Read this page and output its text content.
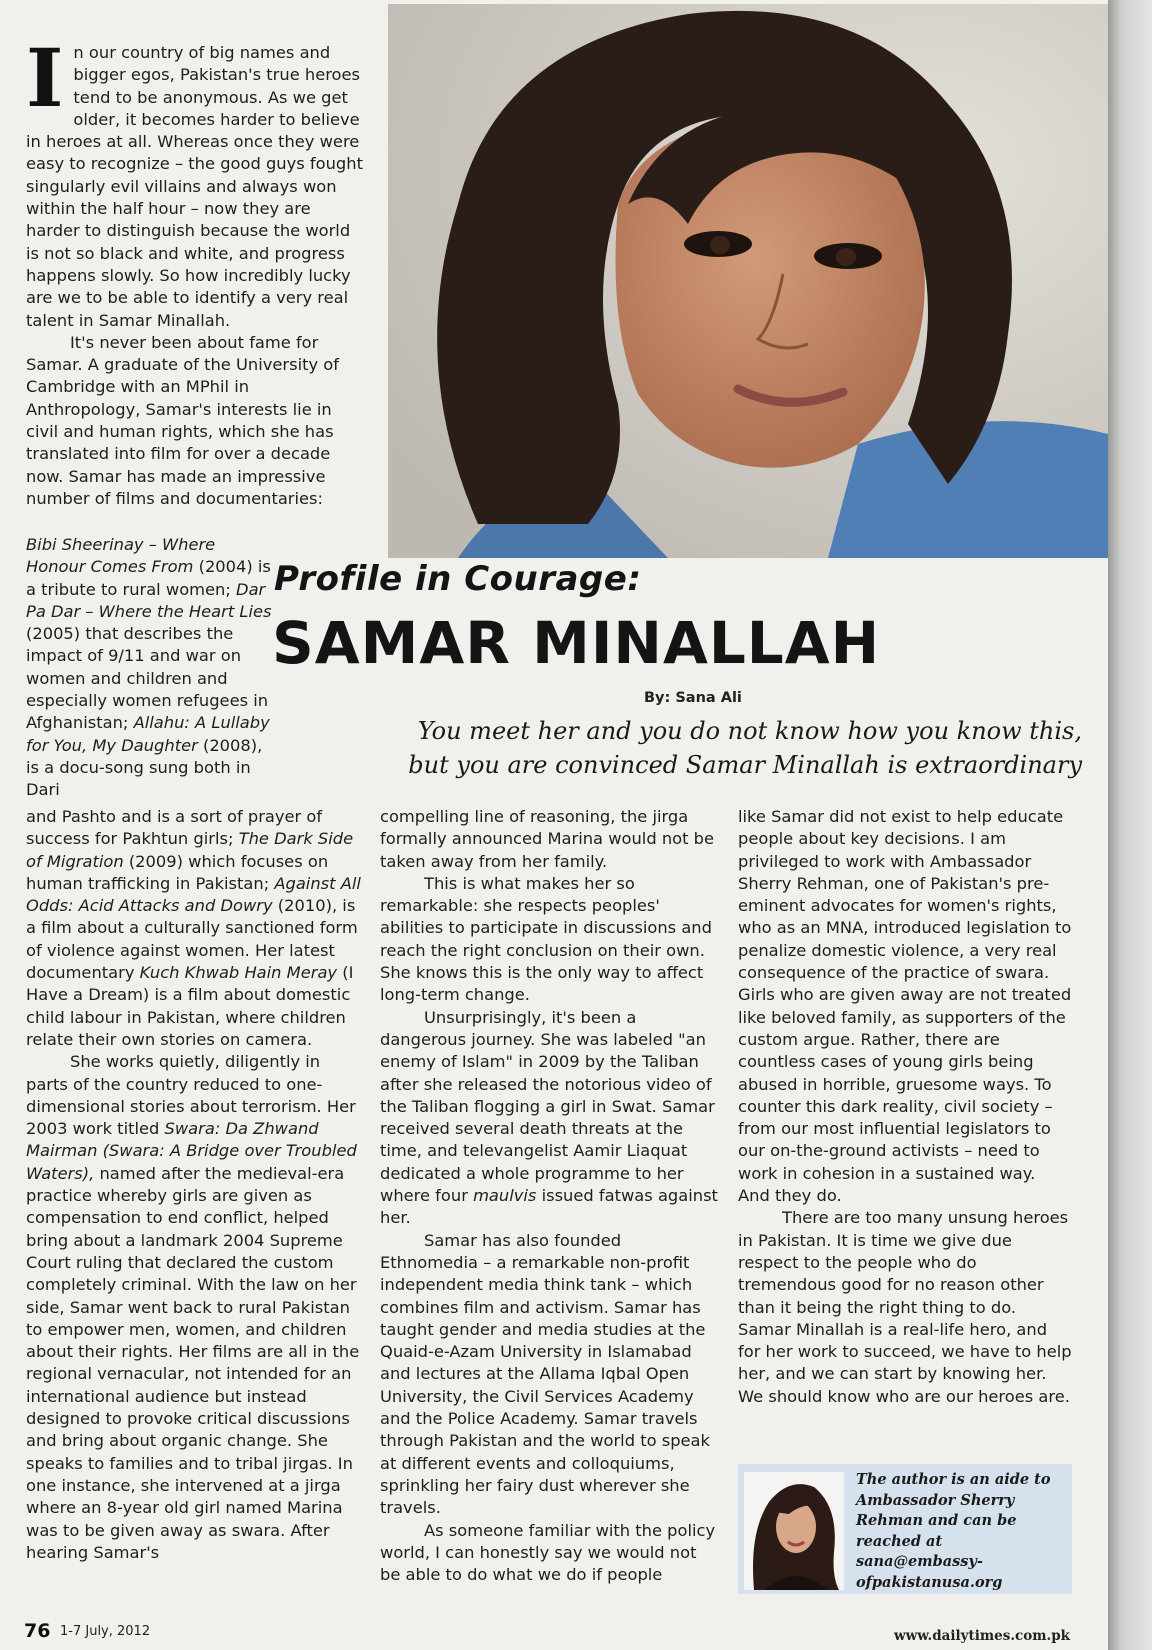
I n our country of big names and bigger egos, Pakistan's true heroes tend to be anonymous. As we get older, it becomes harder to believe in heroes at all. Whereas once they were easy to recognize – the good guys fought singularly evil villains and always won within the half hour – now they are harder to distinguish because the world is not so black and white, and progress happens slowly. So how incredibly lucky are we to be able to identify a very real talent in Samar Minallah.

It's never been about fame for Samar. A graduate of the University of Cambridge with an MPhil in Anthropology, Samar's interests lie in civil and human rights, which she has translated into film for over a decade now. Samar has made an impressive number of films and documentaries:

Bibi Sheerinay – Where Honour Comes From (2004) is a tribute to rural women; Dar Pa Dar – Where the Heart Lies (2005) that describes the impact of 9/11 and war on women and children and especially women refugees in Afghanistan; Allahu: A Lullaby for You, My Daughter (2008), is a docu-song sung both in Dari

Profile in Courage:
SAMAR MINALLAH
By: Sana Ali
You meet her and you do not know how you know this,
but you are convinced Samar Minallah is extraordinary

and Pashto and is a sort of prayer of success for Pakhtun girls; The Dark Side of Migration (2009) which focuses on human trafficking in Pakistan; Against All Odds: Acid Attacks and Dowry (2010), is a film about a culturally sanctioned form of violence against women. Her latest documentary Kuch Khwab Hain Meray (I Have a Dream) is a film about domestic child labour in Pakistan, where children relate their own stories on camera.

She works quietly, diligently in parts of the country reduced to one-dimensional stories about terrorism. Her 2003 work titled Swara: Da Zhwand Mairman (Swara: A Bridge over Troubled Waters), named after the medieval-era practice whereby girls are given as compensation to end conflict, helped bring about a landmark 2004 Supreme Court ruling that declared the custom completely criminal. With the law on her side, Samar went back to rural Pakistan to empower men, women, and children about their rights. Her films are all in the regional vernacular, not intended for an international audience but instead designed to provoke critical discussions and bring about organic change. She speaks to families and to tribal jirgas. In one instance, she intervened at a jirga where an 8-year old girl named Marina was to be given away as swara. After hearing Samar's

compelling line of reasoning, the jirga formally announced Marina would not be taken away from her family.

This is what makes her so remarkable: she respects peoples' abilities to participate in discussions and reach the right conclusion on their own. She knows this is the only way to affect long-term change.

Unsurprisingly, it's been a dangerous journey. She was labeled "an enemy of Islam" in 2009 by the Taliban after she released the notorious video of the Taliban flogging a girl in Swat. Samar received several death threats at the time, and televangelist Aamir Liaquat dedicated a whole programme to her where four maulvis issued fatwas against her.

Samar has also founded Ethnomedia – a remarkable non-profit independent media think tank – which combines film and activism. Samar has taught gender and media studies at the Quaid-e-Azam University in Islamabad and lectures at the Allama Iqbal Open University, the Civil Services Academy and the Police Academy. Samar travels through Pakistan and the world to speak at different events and colloquiums, sprinkling her fairy dust wherever she travels.

As someone familiar with the policy world, I can honestly say we would not be able to do what we do if people

like Samar did not exist to help educate people about key decisions. I am privileged to work with Ambassador Sherry Rehman, one of Pakistan's pre-eminent advocates for women's rights, who as an MNA, introduced legislation to penalize domestic violence, a very real consequence of the practice of swara. Girls who are given away are not treated like beloved family, as supporters of the custom argue. Rather, there are countless cases of young girls being abused in horrible, gruesome ways. To counter this dark reality, civil society – from our most influential legislators to our on-the-ground activists – need to work in cohesion in a sustained way. And they do.

There are too many unsung heroes in Pakistan. It is time we give due respect to the people who do tremendous good for no reason other than it being the right thing to do. Samar Minallah is a real-life hero, and for her work to succeed, we have to help her, and we can start by knowing her. We should know who are our heroes are.

The author is an aide to
Ambassador Sherry
Rehman and can be
reached at sana@embassy-
ofpakistanusa.org
76 1-7 July, 2012	www.dailytimes.com.pk
